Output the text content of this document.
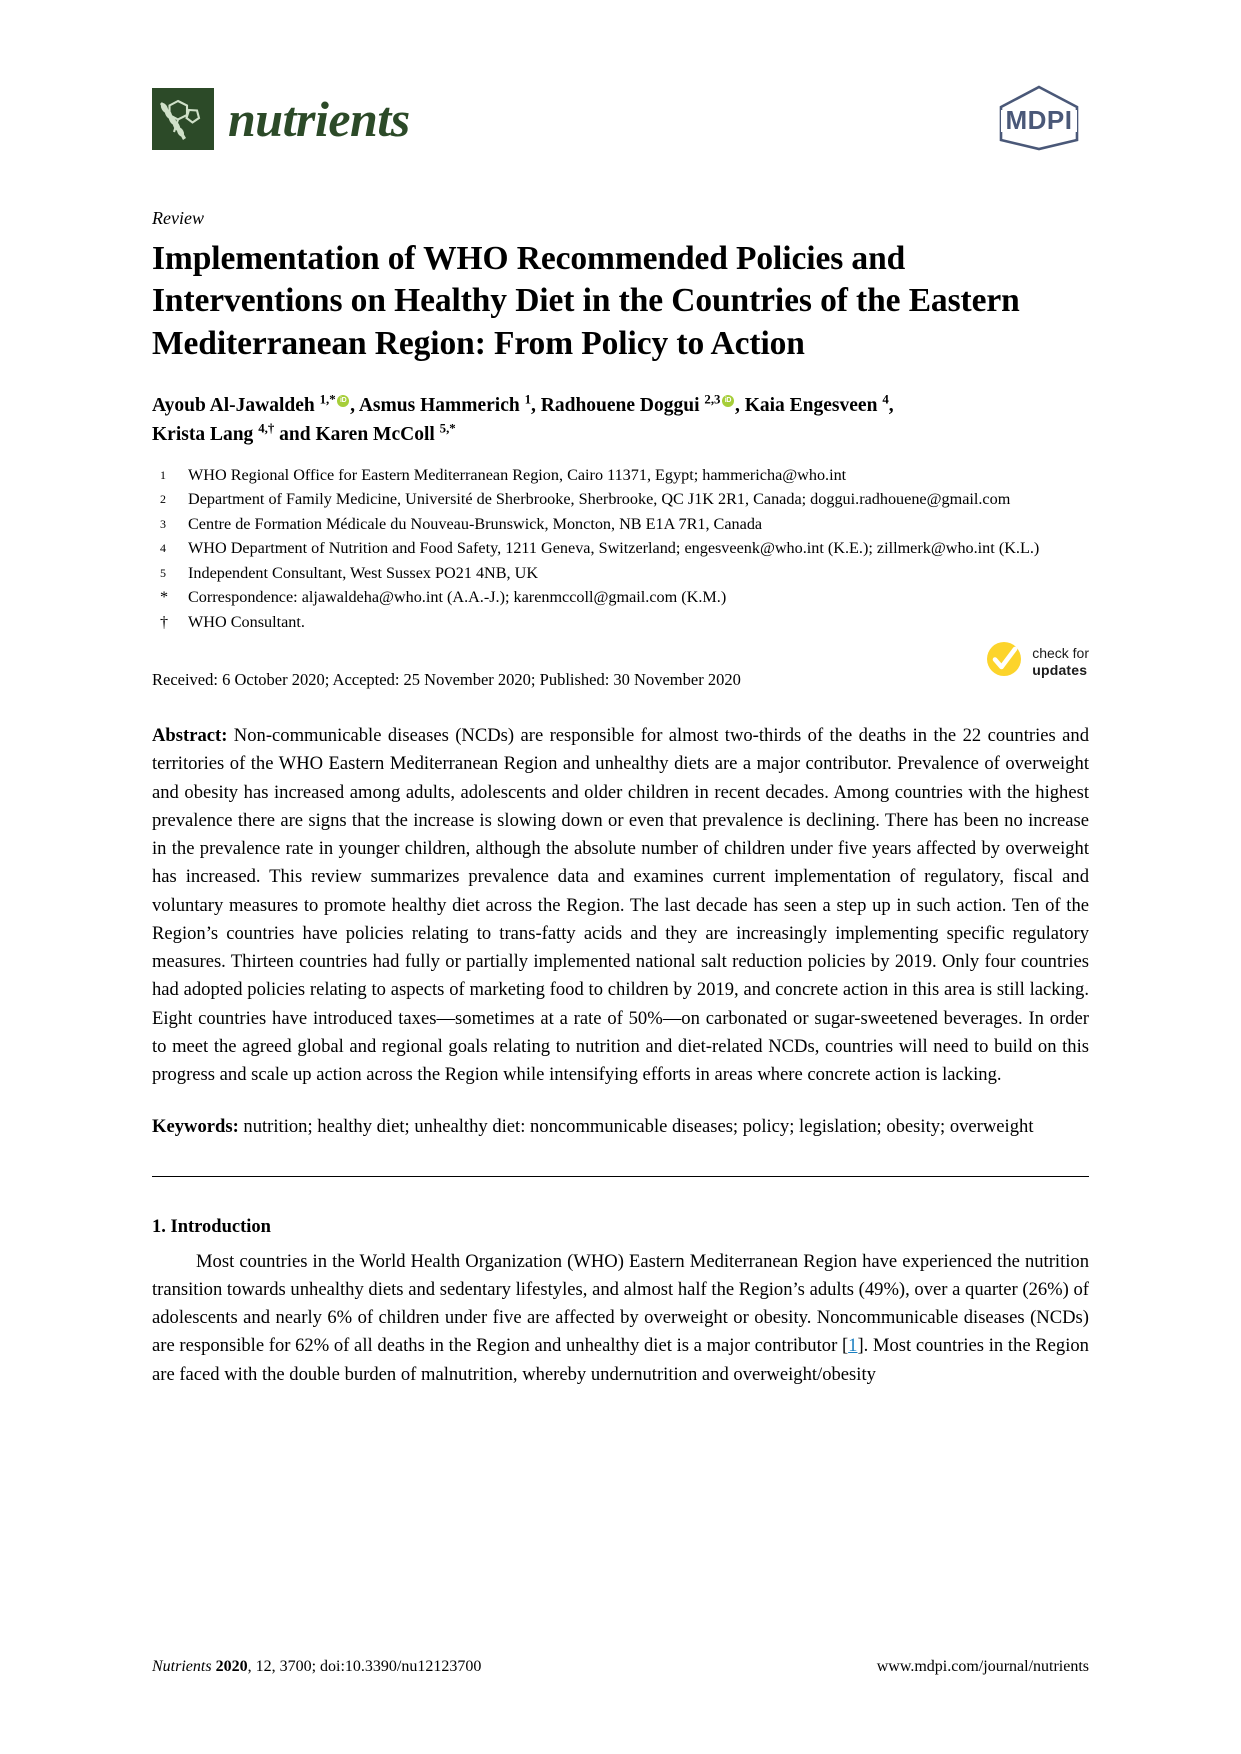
nutrients	MDPI
Review
Implementation of WHO Recommended Policies and Interventions on Healthy Diet in the Countries of the Eastern Mediterranean Region: From Policy to Action
Ayoub Al-Jawaldeh $^{1,*}$ iD , Asmus Hammerich $^1$, Radhouene Doggui $^{2,3}$ iD , Kaia Engesveen $^4$,
Krista Lang $^{4,\dagger}$ and Karen McColl $^{5,*}$
1	WHO Regional Office for Eastern Mediterranean Region, Cairo 11371, Egypt; hammericha@who.int
2	Department of Family Medicine, Université de Sherbrooke, Sherbrooke, QC J1K 2R1, Canada; doggui.radhouene@gmail.com
3	Centre de Formation Médicale du Nouveau-Brunswick, Moncton, NB E1A 7R1, Canada
4	WHO Department of Nutrition and Food Safety, 1211 Geneva, Switzerland; engesveenk@who.int (K.E.); zillmerk@who.int (K.L.)
5	Independent Consultant, West Sussex PO21 4NB, UK
*	Correspondence: aljawaldeha@who.int (A.A.-J.); karenmccoll@gmail.com (K.M.)
†	WHO Consultant.
Received: 6 October 2020; Accepted: 25 November 2020; Published: 30 November 2020
check for
updates

Abstract: Non-communicable diseases (NCDs) are responsible for almost two-thirds of the deaths in the 22 countries and territories of the WHO Eastern Mediterranean Region and unhealthy diets are a major contributor. Prevalence of overweight and obesity has increased among adults, adolescents and older children in recent decades. Among countries with the highest prevalence there are signs that the increase is slowing down or even that prevalence is declining. There has been no increase in the prevalence rate in younger children, although the absolute number of children under five years affected by overweight has increased. This review summarizes prevalence data and examines current implementation of regulatory, fiscal and voluntary measures to promote healthy diet across the Region. The last decade has seen a step up in such action. Ten of the Region’s countries have policies relating to trans-fatty acids and they are increasingly implementing specific regulatory measures. Thirteen countries had fully or partially implemented national salt reduction policies by 2019. Only four countries had adopted policies relating to aspects of marketing food to children by 2019, and concrete action in this area is still lacking. Eight countries have introduced taxes—sometimes at a rate of 50%—on carbonated or sugar-sweetened beverages. In order to meet the agreed global and regional goals relating to nutrition and diet-related NCDs, countries will need to build on this progress and scale up action across the Region while intensifying efforts in areas where concrete action is lacking.

Keywords: nutrition; healthy diet; unhealthy diet: noncommunicable diseases; policy; legislation; obesity; overweight

1. Introduction

Most countries in the World Health Organization (WHO) Eastern Mediterranean Region have experienced the nutrition transition towards unhealthy diets and sedentary lifestyles, and almost half the Region’s adults (49%), over a quarter (26%) of adolescents and nearly 6% of children under five are affected by overweight or obesity. Noncommunicable diseases (NCDs) are responsible for 62% of all deaths in the Region and unhealthy diet is a major contributor [1]. Most countries in the Region are faced with the double burden of malnutrition, whereby undernutrition and overweight/obesity

Nutrients 2020, 12, 3700; doi:10.3390/nu12123700	www.mdpi.com/journal/nutrients
